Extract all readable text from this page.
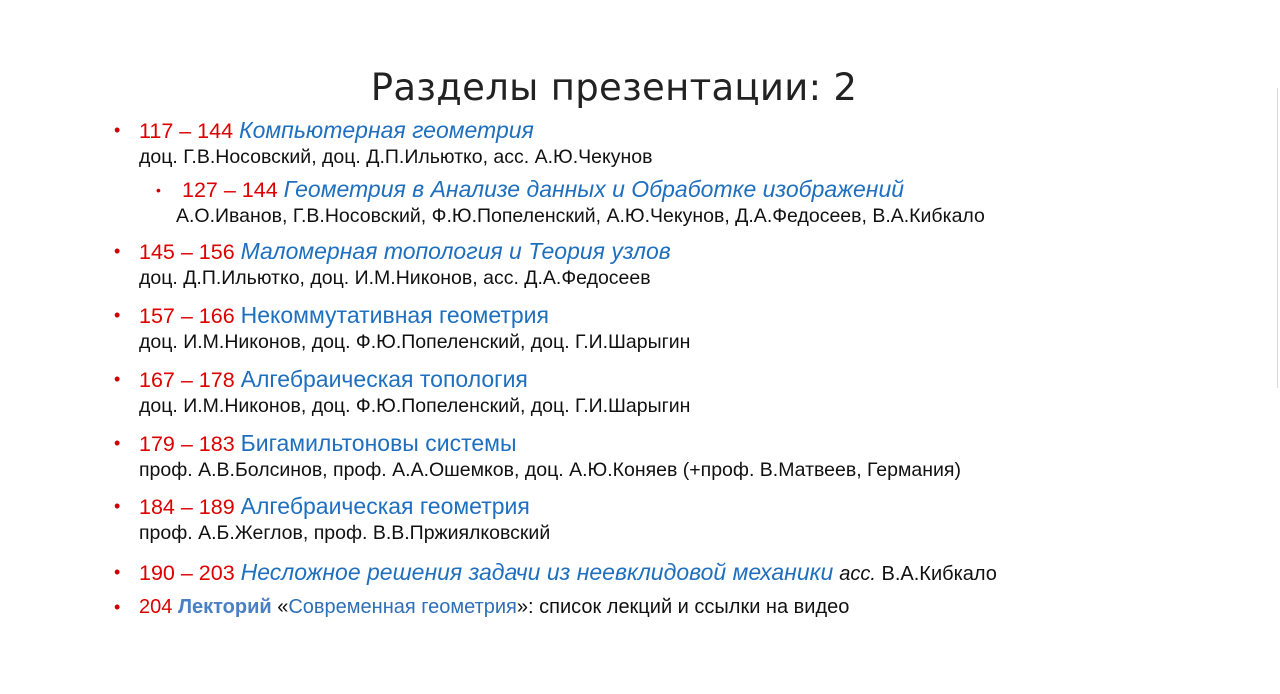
Разделы презентации: 2
• 117 – 144 Компьютерная геометрия
доц. Г.В.Носовский, доц. Д.П.Ильютко, асс. А.Ю.Чекунов
• 127 – 144 Геометрия в Анализе данных и Обработке изображений
А.О.Иванов, Г.В.Носовский, Ф.Ю.Попеленский, А.Ю.Чекунов, Д.А.Федосеев, В.А.Кибкало
• 145 – 156 Маломерная топология и Теория узлов
доц. Д.П.Ильютко, доц. И.М.Никонов, асс. Д.А.Федосеев
• 157 – 166 Некоммутативная геометрия
доц. И.М.Никонов, доц. Ф.Ю.Попеленский, доц. Г.И.Шарыгин
• 167 – 178 Алгебраическая топология
доц. И.М.Никонов, доц. Ф.Ю.Попеленский, доц. Г.И.Шарыгин
• 179 – 183 Бигамильтоновы системы
проф. А.В.Болсинов, проф. А.А.Ошемков, доц. А.Ю.Коняев (+проф. В.Матвеев, Германия)
• 184 – 189 Алгебраическая геометрия
проф. А.Б.Жеглов, проф. В.В.Пржиялковский
• 190 – 203 Несложное решения задачи из неевклидовой механики асс. В.А.Кибкало
• 204 Лекторий «Современная геометрия»: список лекций и ссылки на видео
